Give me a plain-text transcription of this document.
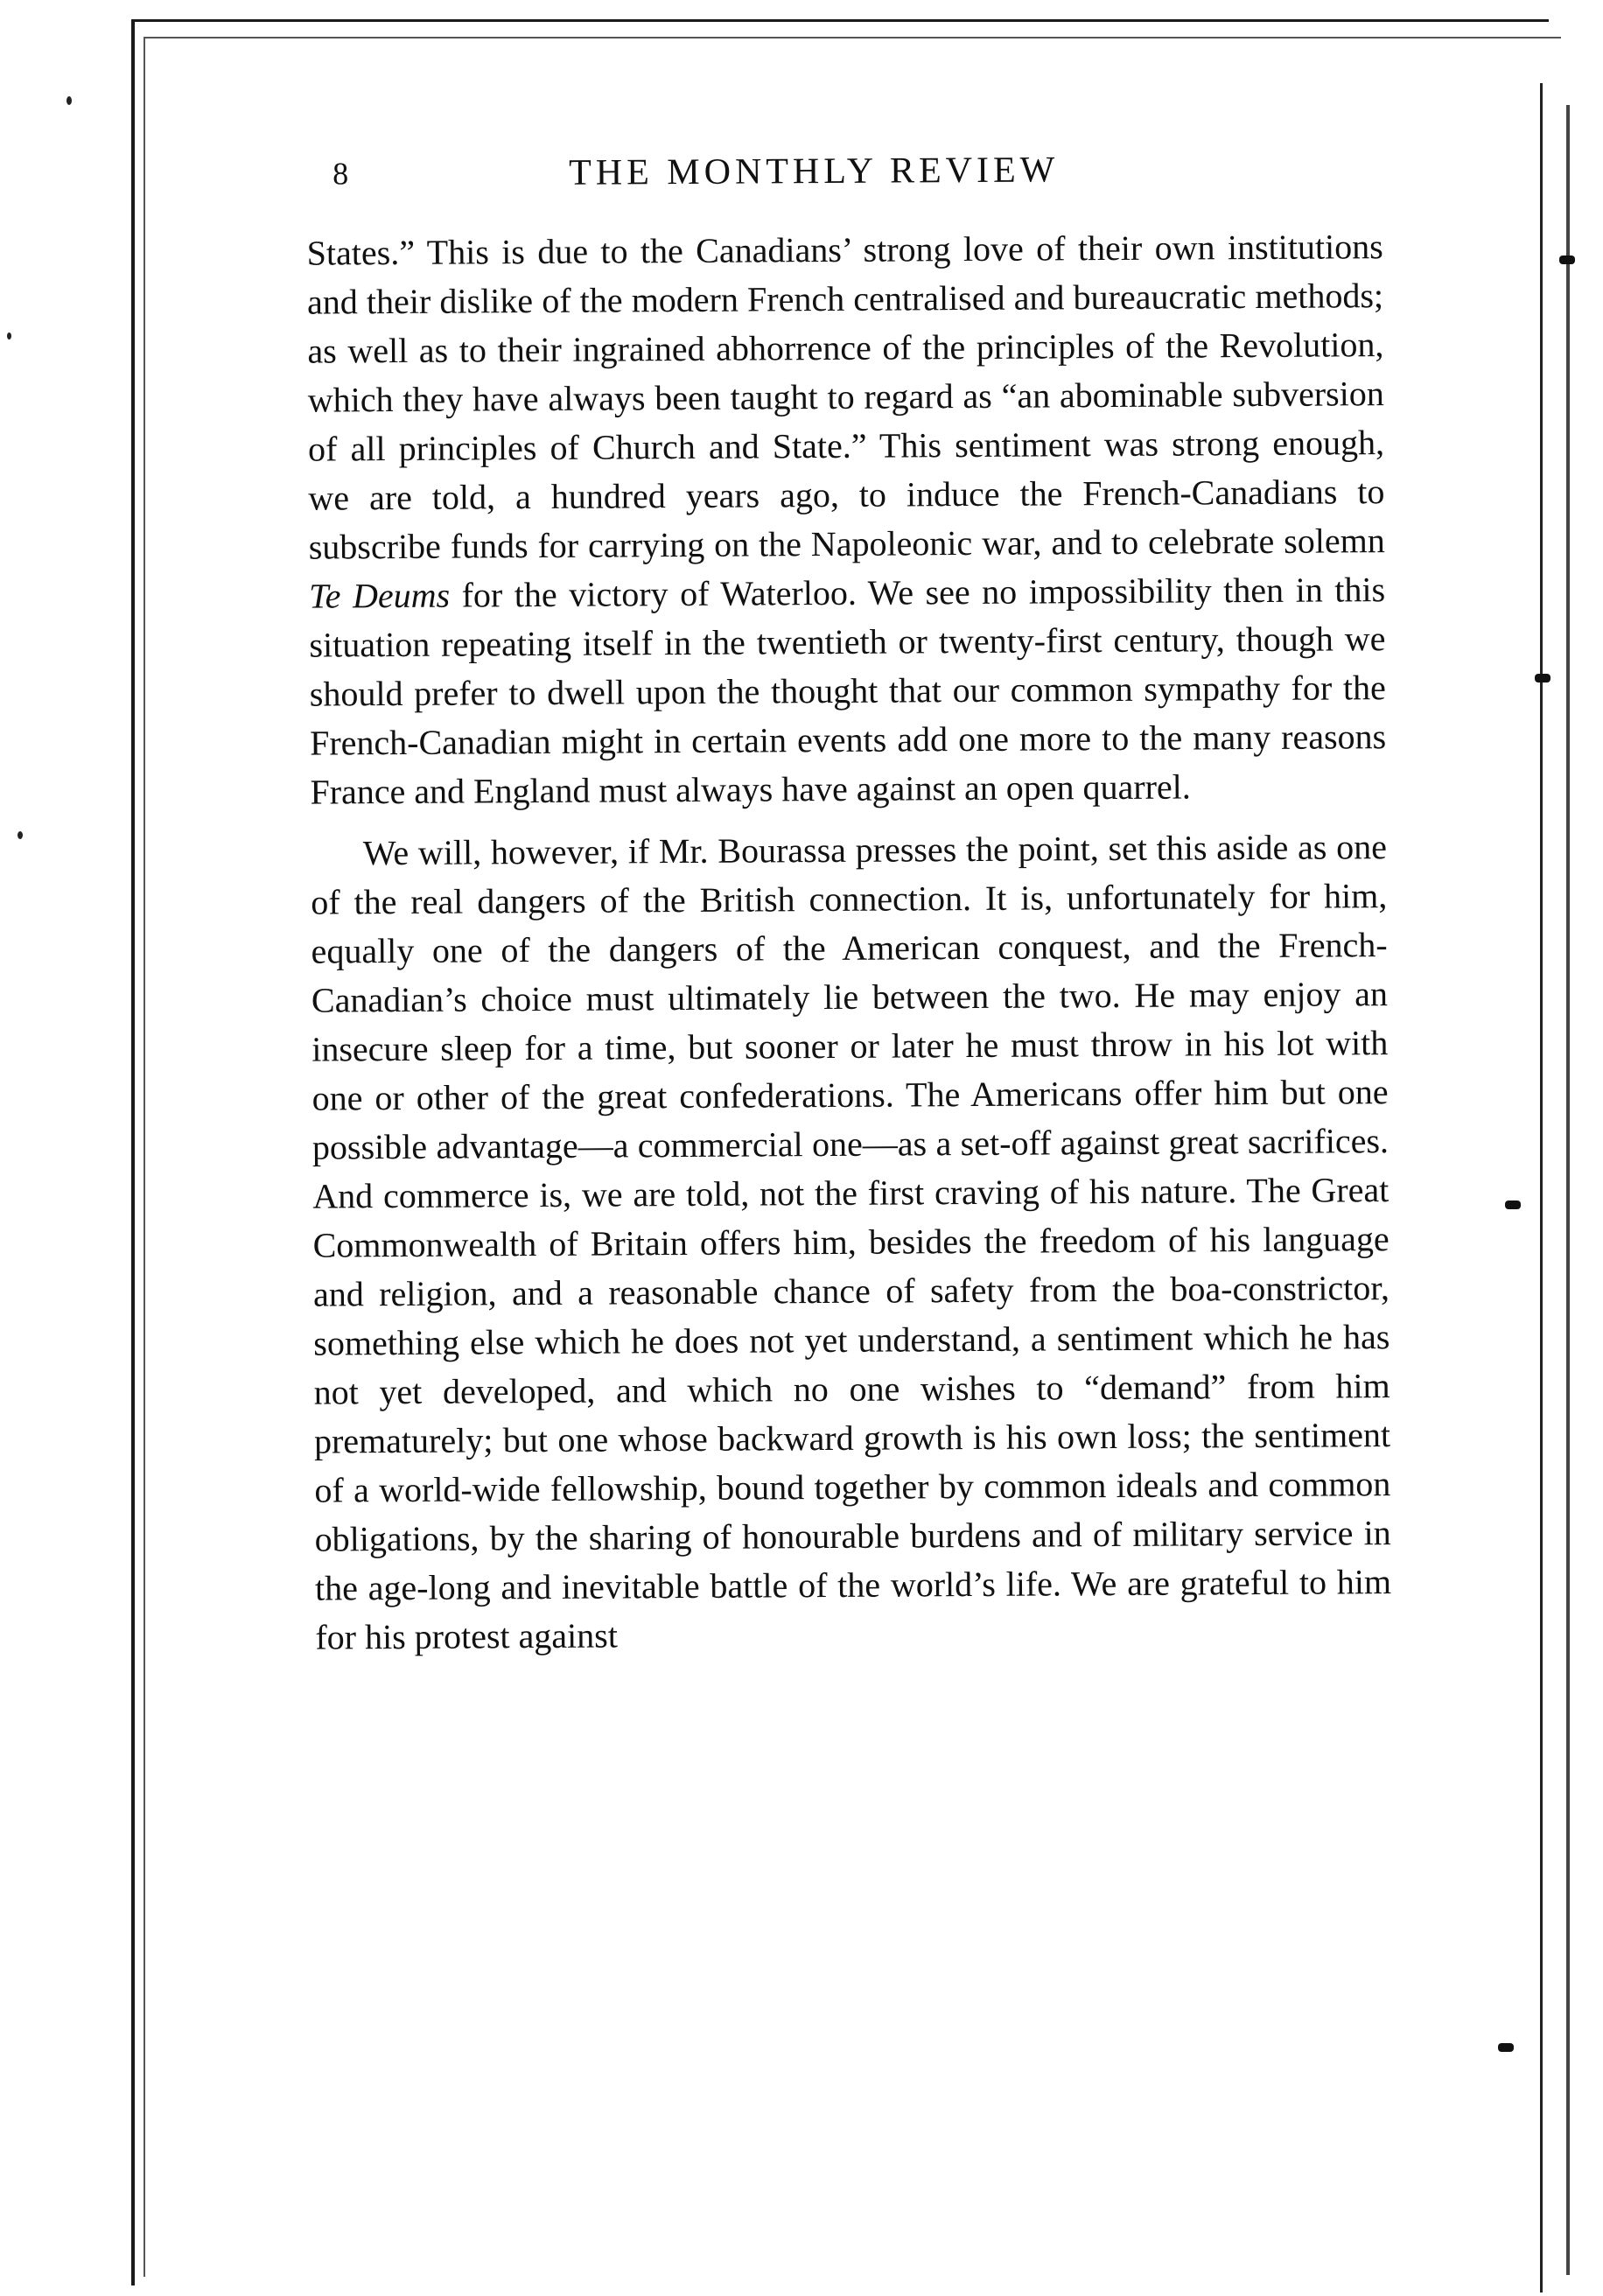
8	THE MONTHLY REVIEW

States.” This is due to the Canadians’ strong love of their own institutions and their dislike of the modern French centralised and bureaucratic methods; as well as to their ingrained abhorrence of the principles of the Revolution, which they have always been taught to regard as “an abominable subversion of all principles of Church and State.” This sentiment was strong enough, we are told, a hundred years ago, to induce the French-Canadians to subscribe funds for carrying on the Napoleonic war, and to celebrate solemn Te Deums for the victory of Waterloo. We see no impossibility then in this situation repeating itself in the twentieth or twenty-first century, though we should prefer to dwell upon the thought that our common sympathy for the French-Canadian might in certain events add one more to the many reasons France and England must always have against an open quarrel.

We will, however, if Mr. Bourassa presses the point, set this aside as one of the real dangers of the British connection. It is, unfortunately for him, equally one of the dangers of the American conquest, and the French-Canadian’s choice must ultimately lie between the two. He may enjoy an insecure sleep for a time, but sooner or later he must throw in his lot with one or other of the great confederations. The Americans offer him but one possible advantage—a commercial one—as a set-off against great sacrifices. And commerce is, we are told, not the first craving of his nature. The Great Commonwealth of Britain offers him, besides the freedom of his language and religion, and a reasonable chance of safety from the boa-constrictor, something else which he does not yet understand, a sentiment which he has not yet developed, and which no one wishes to “demand” from him prematurely; but one whose backward growth is his own loss; the sentiment of a world-wide fellowship, bound together by common ideals and common obligations, by the sharing of honourable burdens and of military service in the age-long and inevitable battle of the world’s life. We are grateful to him for his protest against
